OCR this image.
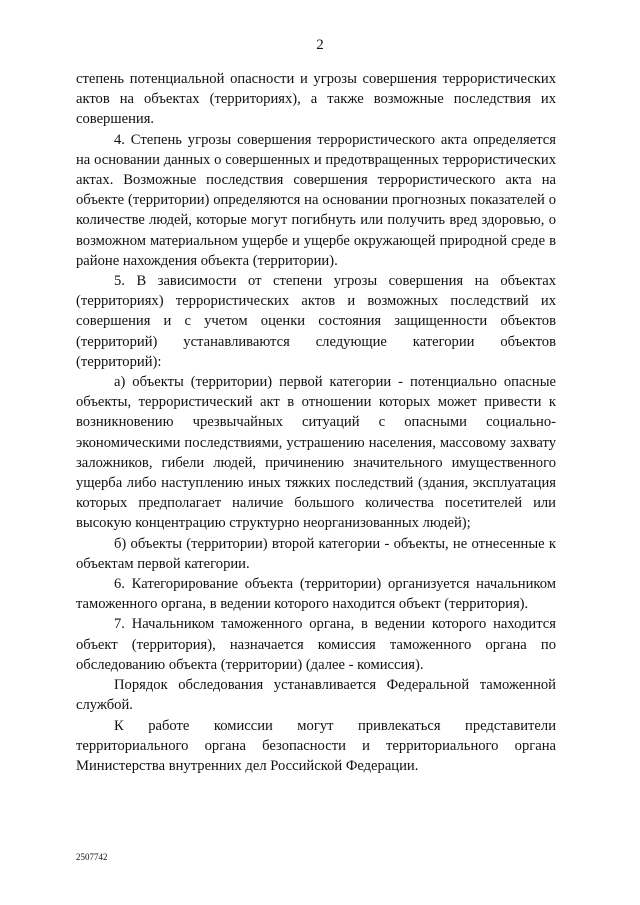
2

степень потенциальной опасности и угрозы совершения террористических актов на объектах (территориях), а также возможные последствия их совершения.

4. Степень угрозы совершения террористического акта определяется на основании данных о совершенных и предотвращенных террористических актах. Возможные последствия совершения террористического акта на объекте (территории) определяются на основании прогнозных показателей о количестве людей, которые могут погибнуть или получить вред здоровью, о возможном материальном ущербе и ущербе окружающей природной среде в районе нахождения объекта (территории).

5. В зависимости от степени угрозы совершения на объектах (территориях) террористических актов и возможных последствий их совершения и с учетом оценки состояния защищенности объектов (территорий) устанавливаются следующие категории объектов (территорий):

а) объекты (территории) первой категории - потенциально опасные объекты, террористический акт в отношении которых может привести к возникновению чрезвычайных ситуаций с опасными социально-экономическими последствиями, устрашению населения, массовому захвату заложников, гибели людей, причинению значительного имущественного ущерба либо наступлению иных тяжких последствий (здания, эксплуатация которых предполагает наличие большого количества посетителей или высокую концентрацию структурно неорганизованных людей);

б) объекты (территории) второй категории - объекты, не отнесенные к объектам первой категории.

6. Категорирование объекта (территории) организуется начальником таможенного органа, в ведении которого находится объект (территория).

7. Начальником таможенного органа, в ведении которого находится объект (территория), назначается комиссия таможенного органа по обследованию объекта (территории) (далее - комиссия).

Порядок обследования устанавливается Федеральной таможенной службой.

К работе комиссии могут привлекаться представители территориального органа безопасности и территориального органа Министерства внутренних дел Российской Федерации.

2507742
